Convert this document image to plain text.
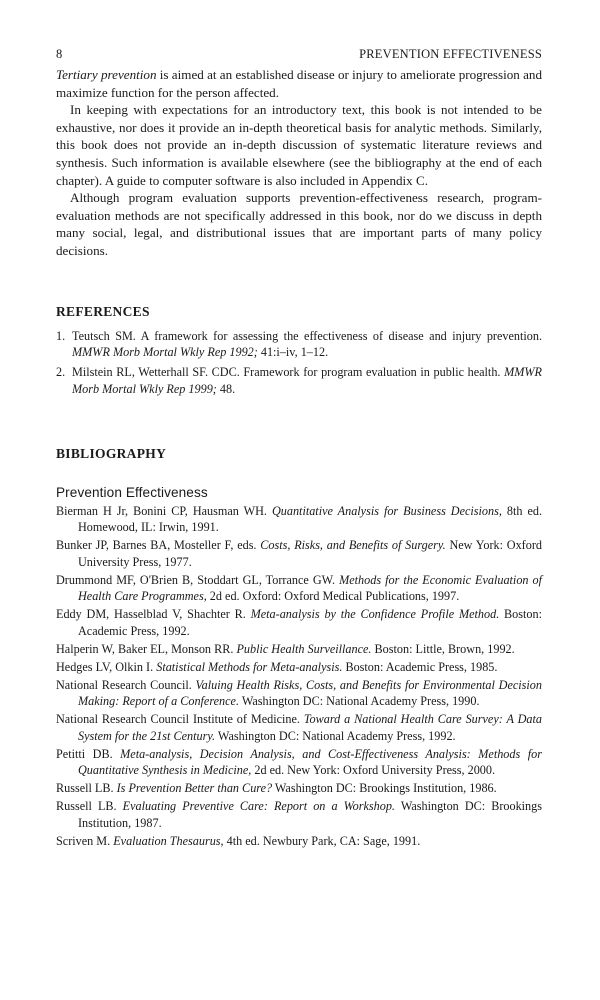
8	PREVENTION EFFECTIVENESS

Tertiary prevention is aimed at an established disease or injury to ameliorate progression and maximize function for the person affected.

In keeping with expectations for an introductory text, this book is not intended to be exhaustive, nor does it provide an in-depth theoretical basis for analytic methods. Similarly, this book does not provide an in-depth discussion of systematic literature reviews and synthesis. Such information is available elsewhere (see the bibliography at the end of each chapter). A guide to computer software is also included in Appendix C.

Although program evaluation supports prevention-effectiveness research, program-evaluation methods are not specifically addressed in this book, nor do we discuss in depth many social, legal, and distributional issues that are important parts of many policy decisions.

REFERENCES
1. Teutsch SM. A framework for assessing the effectiveness of disease and injury prevention. MMWR Morb Mortal Wkly Rep 1992; 41:i–iv, 1–12.
2. Milstein RL, Wetterhall SF. CDC. Framework for program evaluation in public health. MMWR Morb Mortal Wkly Rep 1999; 48.
BIBLIOGRAPHY
Prevention Effectiveness
Bierman H Jr, Bonini CP, Hausman WH. Quantitative Analysis for Business Decisions, 8th ed. Homewood, IL: Irwin, 1991.
Bunker JP, Barnes BA, Mosteller F, eds. Costs, Risks, and Benefits of Surgery. New York: Oxford University Press, 1977.
Drummond MF, O'Brien B, Stoddart GL, Torrance GW. Methods for the Economic Evaluation of Health Care Programmes, 2d ed. Oxford: Oxford Medical Publications, 1997.
Eddy DM, Hasselblad V, Shachter R. Meta-analysis by the Confidence Profile Method. Boston: Academic Press, 1992.
Halperin W, Baker EL, Monson RR. Public Health Surveillance. Boston: Little, Brown, 1992.
Hedges LV, Olkin I. Statistical Methods for Meta-analysis. Boston: Academic Press, 1985.
National Research Council. Valuing Health Risks, Costs, and Benefits for Environmental Decision Making: Report of a Conference. Washington DC: National Academy Press, 1990.
National Research Council Institute of Medicine. Toward a National Health Care Survey: A Data System for the 21st Century. Washington DC: National Academy Press, 1992.
Petitti DB. Meta-analysis, Decision Analysis, and Cost-Effectiveness Analysis: Methods for Quantitative Synthesis in Medicine, 2d ed. New York: Oxford University Press, 2000.
Russell LB. Is Prevention Better than Cure? Washington DC: Brookings Institution, 1986.
Russell LB. Evaluating Preventive Care: Report on a Workshop. Washington DC: Brookings Institution, 1987.
Scriven M. Evaluation Thesaurus, 4th ed. Newbury Park, CA: Sage, 1991.
